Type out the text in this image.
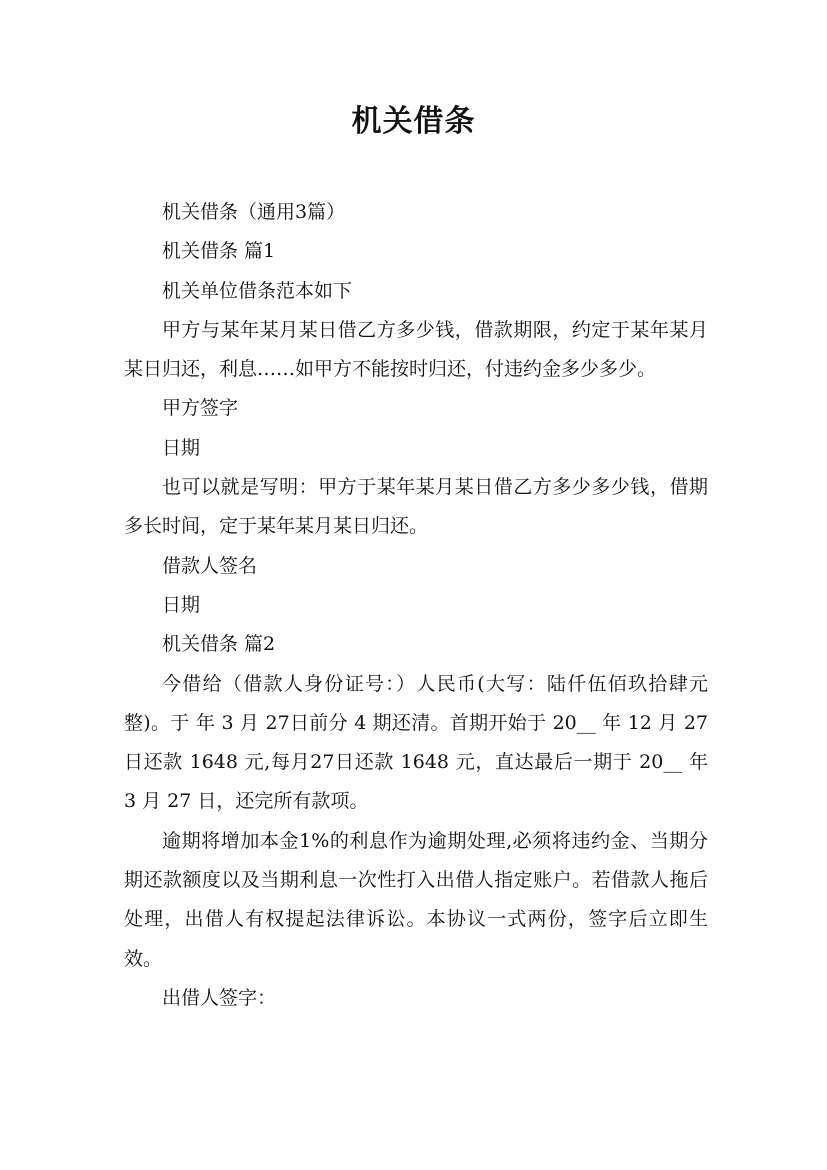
机关借条

机关借条（通用3篇）

机关借条 篇1

机关单位借条范本如下

甲方与某年某月某日借乙方多少钱，借款期限，约定于某年某月某日归还，利息……如甲方不能按时归还，付违约金多少多少。

甲方签字

日期

也可以就是写明：甲方于某年某月某日借乙方多少多少钱，借期多长时间，定于某年某月某日归还。

借款人签名

日期

机关借条 篇2

今借给（借款人身份证号：）人民币(大写：陆仟伍佰玖拾肆元整)。于 年 3 月 27日前分 4 期还清。首期开始于 20__ 年 12 月 27日还款 1648 元,每月27日还款 1648 元，直达最后一期于 20__ 年 3 月 27 日，还完所有款项。

逾期将增加本金1%的利息作为逾期处理,必须将违约金、当期分期还款额度以及当期利息一次性打入出借人指定账户。若借款人拖后处理，出借人有权提起法律诉讼。本协议一式两份，签字后立即生效。

出借人签字：
